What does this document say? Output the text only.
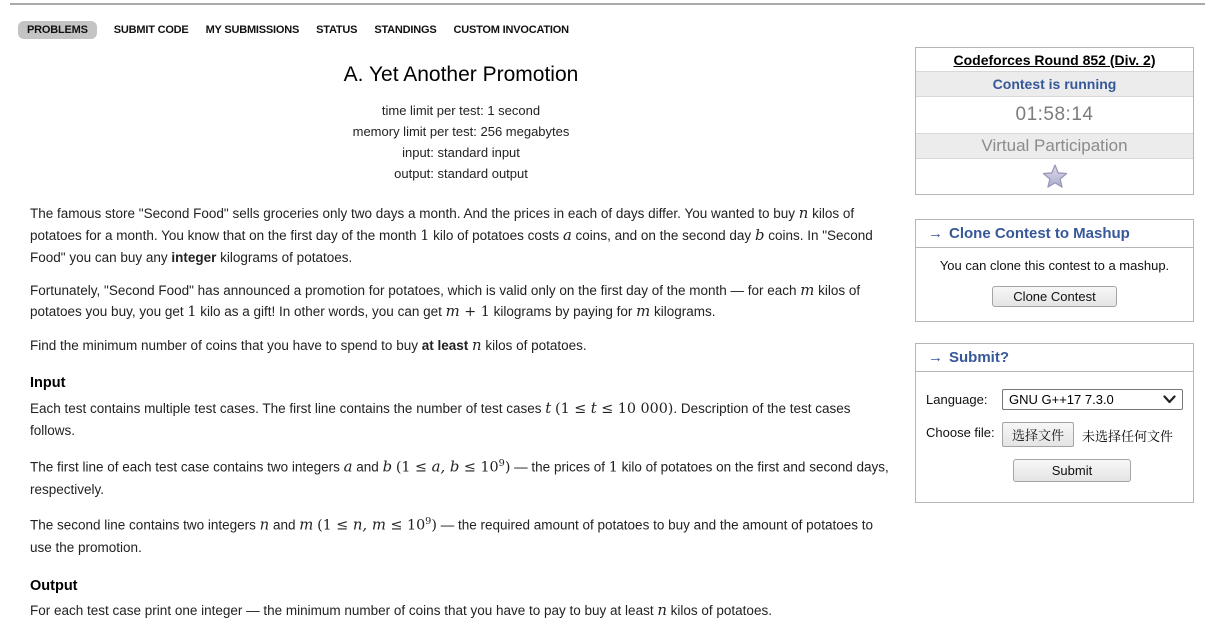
PROBLEMS	SUBMIT CODE MY SUBMISSIONS STATUS STANDINGS CUSTOM INVOCATION
A. Yet Another Promotion
time limit per test: 1 second
memory limit per test: 256 megabytes
input: standard input
output: standard output

The famous store "Second Food" sells groceries only two days a month. And the prices in each of days differ. You wanted to buy n kilos of potatoes for a month. You know that on the first day of the month 1 kilo of potatoes costs a coins, and on the second day b coins. In "Second Food" you can buy any integer kilograms of potatoes.

Fortunately, "Second Food" has announced a promotion for potatoes, which is valid only on the first day of the month — for each m kilos of potatoes you buy, you get 1 kilo as a gift! In other words, you can get m + 1 kilograms by paying for m kilograms.

Find the minimum number of coins that you have to spend to buy at least n kilos of potatoes.

Input

Each test contains multiple test cases. The first line contains the number of test cases t (1 ≤ t ≤ 10 000). Description of the test cases follows.

The first line of each test case contains two integers a and b (1 ≤ a, $b \le 10^9$) — the prices of 1 kilo of potatoes on the first and second days, respectively.

The second line contains two integers n and m (1 ≤ n, $m \le 10^9$) — the required amount of potatoes to buy and the amount of potatoes to use the promotion.

Output

For each test case print one integer — the minimum number of coins that you have to pay to buy at least n kilos of potatoes.

Codeforces Round 852 (Div. 2)
Contest is running
01:58:14
Virtual Participation
→ Clone Contest to Mashup
You can clone this contest to a mashup.
Clone Contest
→ Submit?
Language:	GNU G++17 7.3.0
Choose file:	选择文件	未选择任何文件
Submit
